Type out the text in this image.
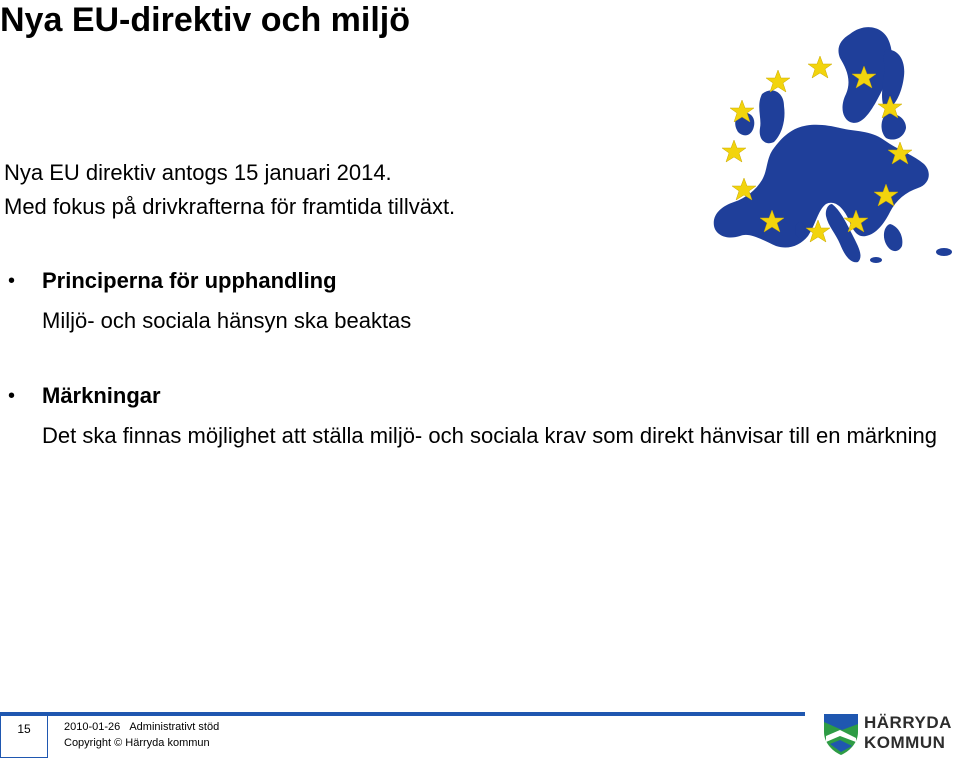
Nya EU-direktiv och miljö
Nya EU direktiv antogs 15 januari 2014.
Med fokus på drivkrafterna för framtida tillväxt.
• Principerna för upphandling
Miljö- och sociala hänsyn ska beaktas
• Märkningar
Det ska finnas möjlighet att ställa miljö- och sociala krav som direkt hänvisar till en märkning
15	2010-01-26 Administrativt stöd
Copyright © Härryda kommun
HÄRRYDA
KOMMUN
